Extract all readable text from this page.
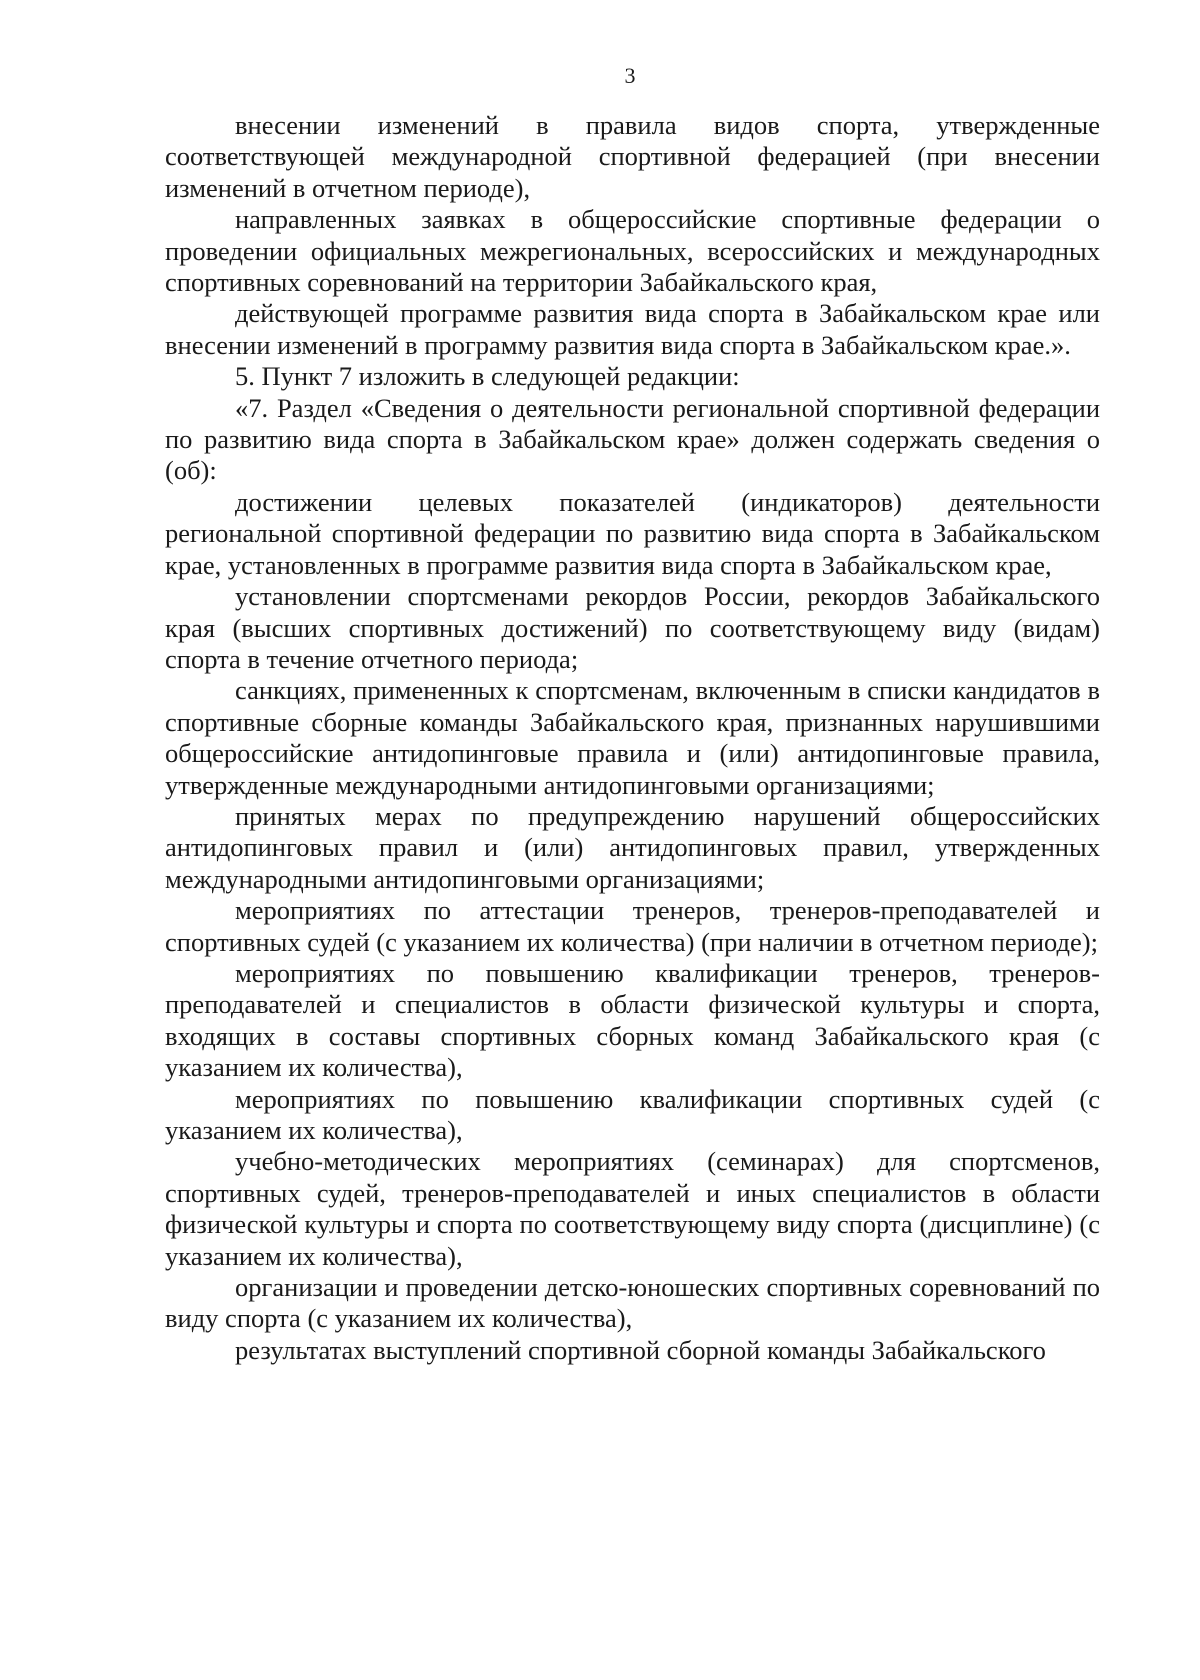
3

внесении изменений в правила видов спорта, утвержденные соответствующей международной спортивной федерацией (при внесении изменений в отчетном периоде),

направленных заявках в общероссийские спортивные федерации о проведении официальных межрегиональных, всероссийских и международных спортивных соревнований на территории Забайкальского края,

действующей программе развития вида спорта в Забайкальском крае или внесении изменений в программу развития вида спорта в Забайкальском крае.».

5. Пункт 7 изложить в следующей редакции:

«7. Раздел «Сведения о деятельности региональной спортивной федерации по развитию вида спорта в Забайкальском крае» должен содержать сведения о (об):

достижении целевых показателей (индикаторов) деятельности региональной спортивной федерации по развитию вида спорта в Забайкальском крае, установленных в программе развития вида спорта в Забайкальском крае,

установлении спортсменами рекордов России, рекордов Забайкальского края (высших спортивных достижений) по соответствующему виду (видам) спорта в течение отчетного периода;

санкциях, примененных к спортсменам, включенным в списки кандидатов в спортивные сборные команды Забайкальского края, признанных нарушившими общероссийские антидопинговые правила и (или) антидопинговые правила, утвержденные международными антидопинговыми организациями;

принятых мерах по предупреждению нарушений общероссийских антидопинговых правил и (или) антидопинговых правил, утвержденных международными антидопинговыми организациями;

мероприятиях по аттестации тренеров, тренеров-преподавателей и спортивных судей (с указанием их количества) (при наличии в отчетном периоде);

мероприятиях по повышению квалификации тренеров, тренеров-преподавателей и специалистов в области физической культуры и спорта, входящих в составы спортивных сборных команд Забайкальского края (с указанием их количества),

мероприятиях по повышению квалификации спортивных судей (с указанием их количества),

учебно-методических мероприятиях (семинарах) для спортсменов, спортивных судей, тренеров-преподавателей и иных специалистов в области физической культуры и спорта по соответствующему виду спорта (дисциплине) (с указанием их количества),

организации и проведении детско-юношеских спортивных соревнований по виду спорта (с указанием их количества),

результатах выступлений спортивной сборной команды Забайкальского
